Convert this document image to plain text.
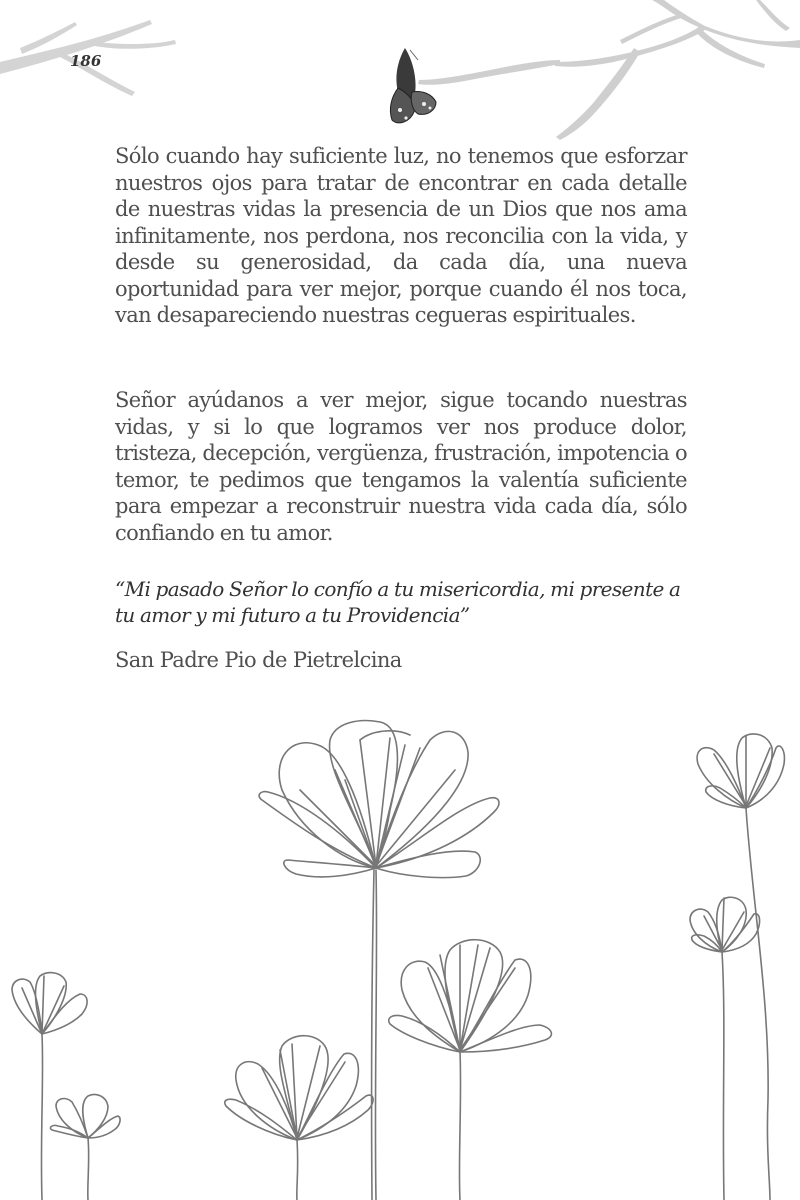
186

Sólo cuando hay suficiente luz, no tenemos que esforzar nuestros ojos para tratar de encontrar en cada detalle de nuestras vidas la presencia de un Dios que nos ama infinitamente, nos perdona, nos reconcilia con la vida, y desde su generosidad, da cada día, una nueva oportunidad para ver mejor, porque cuando él nos toca, van desapareciendo nuestras cegueras espirituales.

Señor ayúdanos a ver mejor, sigue tocando nuestras vidas, y si lo que logramos ver nos produce dolor, tristeza, decepción, vergüenza, frustración, impotencia o temor, te pedimos que tengamos la valentía suficiente para empezar a reconstruir nuestra vida cada día, sólo confiando en tu amor.

“Mi pasado Señor lo confío a tu misericordia, mi presente a tu amor y mi futuro a tu Providencia”

San Padre Pio de Pietrelcina
